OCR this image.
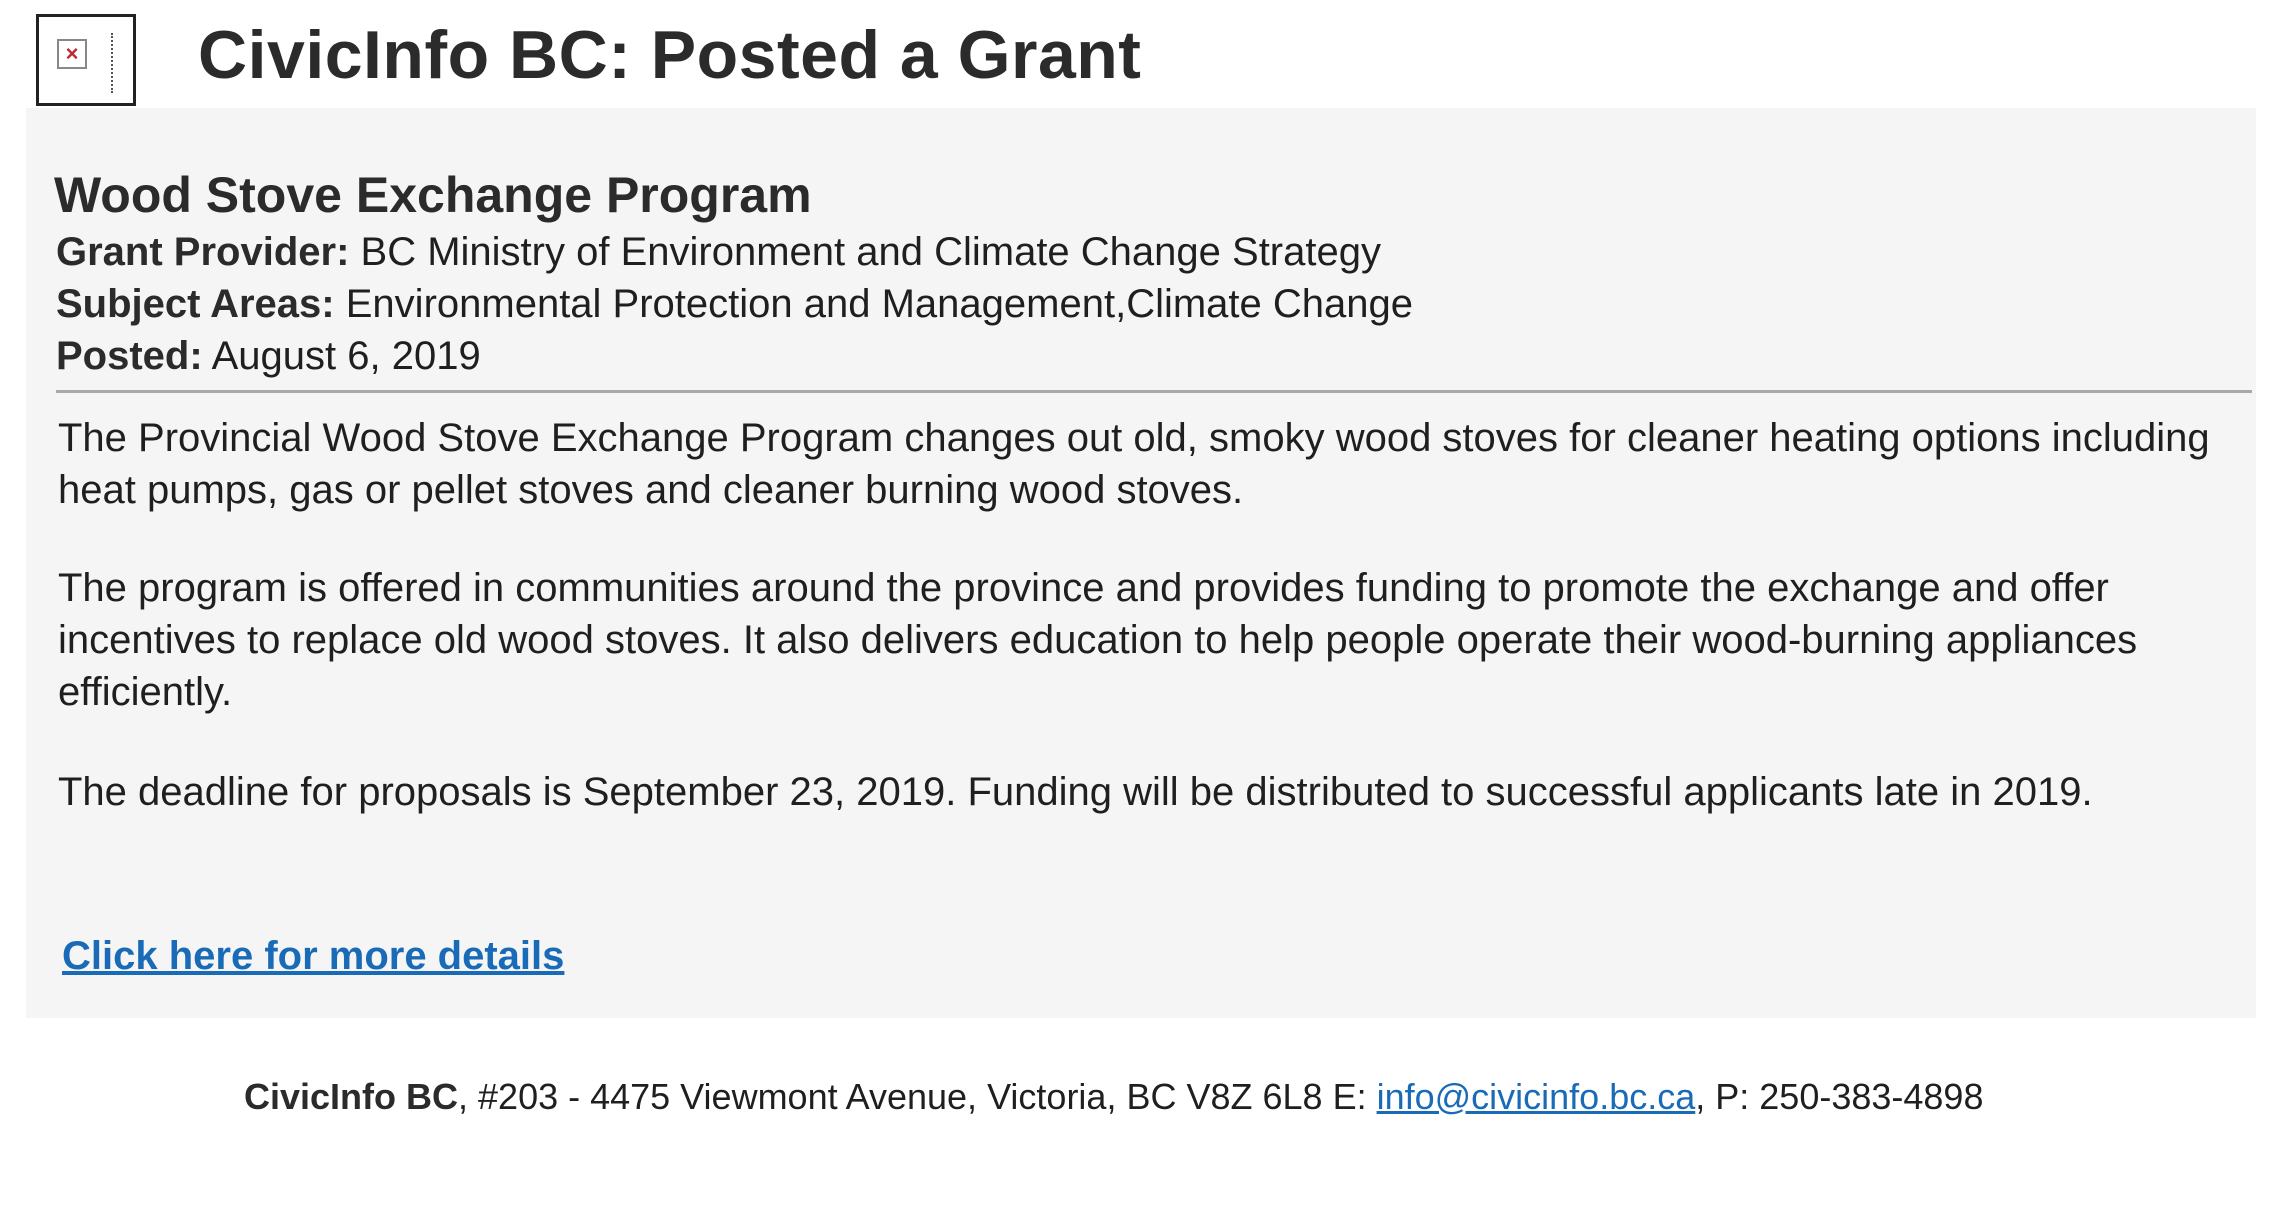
× CivicInfo BC: Posted a Grant
Wood Stove Exchange Program
Grant Provider: BC Ministry of Environment and Climate Change Strategy
Subject Areas: Environmental Protection and Management,Climate Change
Posted: August 6, 2019
The Provincial Wood Stove Exchange Program changes out old, smoky wood stoves for cleaner heating options including heat pumps, gas or pellet stoves and cleaner burning wood stoves.
The program is offered in communities around the province and provides funding to promote the exchange and offer incentives to replace old wood stoves. It also delivers education to help people operate their wood-burning appliances efficiently.
The deadline for proposals is September 23, 2019. Funding will be distributed to successful applicants late in 2019.
Click here for more details
CivicInfo BC, #203 - 4475 Viewmont Avenue, Victoria, BC V8Z 6L8 E: info@civicinfo.bc.ca, P: 250-383-4898
